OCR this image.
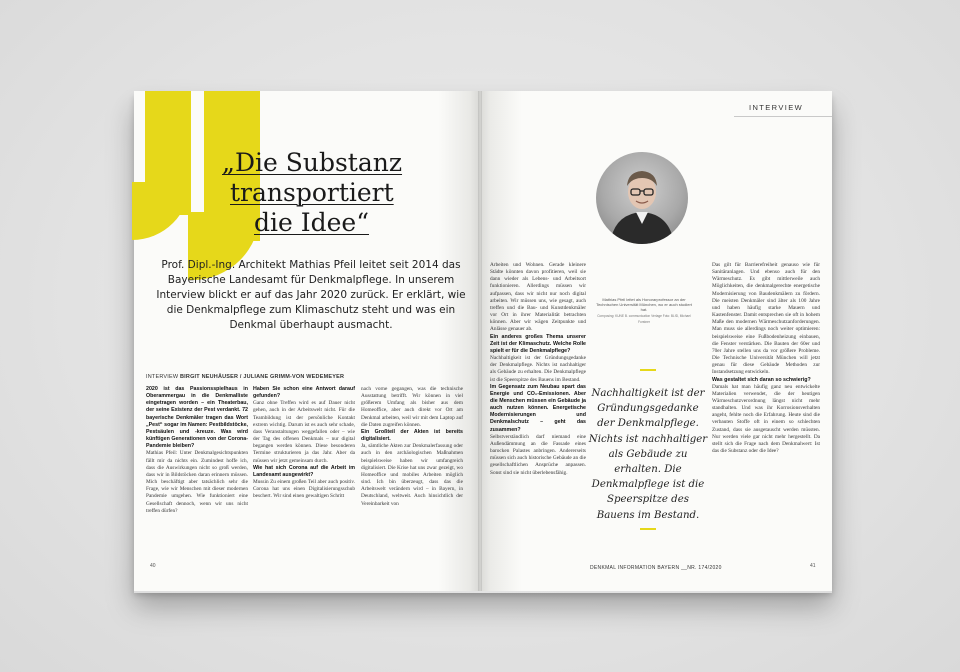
„Die Substanz
transportiert
die Idee“
Prof. Dipl.-Ing. Architekt Mathias Pfeil leitet seit 2014 das Bayerische Landesamt für Denkmalpflege. In unserem Interview blickt er auf das Jahr 2020 zurück. Er erklärt, wie die Denkmalpflege zum Klimaschutz steht und was ein Denkmal überhaupt ausmacht.
INTERVIEW BIRGIT NEUHÄUSER / JULIANE GRIMM-VON WEDEMEYER
2020 ist das Passionsspielhaus in Oberammergau in die Denkmalliste eingetragen worden – ein Theaterbau, der seine Existenz der Pest verdankt. 72 bayerische Denkmäler tragen das Wort „Pest“ sogar im Namen: Pestbildstöcke, Pestsäulen und -kreuze. Was wird künftigen Generationen von der Corona-Pandemie bleiben?
Mathias Pfeil: Unter Denkmalgesichtspunkten fällt mir da nichts ein. Zumindest hoffe ich, dass die Auswirkungen nicht so groß werden, dass wir in Bildstöcken daran erinnern müssen. Mich beschäftigt aber tatsächlich sehr die Frage, wie wir Menschen mit dieser modernen Pandemie umgehen. Wie funktioniert eine Gesellschaft dennoch, wenn wir uns nicht treffen dürfen?
Haben Sie schon eine Antwort darauf gefunden?
Ganz ohne Treffen wird es auf Dauer nicht gehen, auch in der Arbeitswelt nicht. Für die Teambildung ist der persönliche Kontakt extrem wichtig. Darum ist es auch sehr schade, dass Veranstaltungen weggefallen oder – wie der Tag des offenen Denkmals – nur digital begangen werden können. Diese besonderen Termine strukturieren ja das Jahr. Aber da müssen wir jetzt gemeinsam durch.
Wie hat sich Corona auf die Arbeit im Landesamt ausgewirkt?
Mussin Zu einem großen Teil aber auch positiv. Corona hat uns einen Digitalisierungsschub beschert. Wir sind einen gewaltigen Schritt
nach vorne gegangen, was die technische Ausstattung betrifft. Wir können in viel größerem Umfang als bisher aus dem Homeoffice, aber auch direkt vor Ort am Denkmal arbeiten, weil wir mit dem Laptop auf die Daten zugreifen können.
Ein Großteil der Akten ist bereits digitalisiert.
Ja, sämtliche Akten zur Denkmalerfassung oder auch in den archäologischen Maßnahmen beispielsweise haben wir umfangreich digitalisiert. Die Krise hat uns zwar gezeigt, wo Homeoffice und mobiles Arbeiten möglich sind. Ich bin überzeugt, dass das die Arbeitswelt verändern wird – in Bayern, in Deutschland, weltweit. Auch hinsichtlich der Vereinbarkeit von
40
INTERVIEW
Mathias Pfeil leitet als Honorarprofessor an der Technischen Universität München, wo er auch studiert hat.
Composing: KUNE B. communication Verlage Foto: BLfD, Michael Forstner
Arbeiten und Wohnen. Gerade kleinere Städte könnten davon profitieren, weil sie dann wieder als Lebens- und Arbeitsort funktionieren. Allerdings müssen wir aufpassen, dass wir nicht nur noch digital arbeiten. Wir müssen uns, wie gesagt, auch treffen und die Bau- und Kunstdenkmäler vor Ort in ihrer Materialität betrachten können. Aber wir wägen Zeitpunkte und Anlässe genauer ab.
Ein anderes großes Thema unserer Zeit ist der Klimaschutz. Welche Rolle spielt er für die Denkmalpflege?
Nachhaltigkeit ist der Gründungsgedanke der Denkmalpflege. Nichts ist nachhaltiger als Gebäude zu erhalten. Die Denkmalpflege ist die Speerspitze des Bauens im Bestand.
Im Gegensatz zum Neubau spart das Energie und CO₂-Emissionen. Aber die Menschen müssen ein Gebäude ja auch nutzen können. Energetische Modernisierungen und Denkmalschutz – geht das zusammen?
Selbstverständlich darf niemand eine Außendämmung an die Fassade eines barocken Palastes anbringen. Andererseits müssen sich auch historische Gebäude an die gesellschaftlichen Ansprüche anpassen. Sonst sind sie nicht überlebensfähig.
Nachhaltigkeit ist der Gründungsgedanke der Denkmalpflege. Nichts ist nachhaltiger als Gebäude zu erhalten. Die Denkmalpflege ist die Speerspitze des Bauens im Bestand.
Das gilt für Barrierefreiheit genauso wie für Sanitäranlagen. Und ebenso auch für den Wärmeschutz. Es gibt mittlerweile auch Möglichkeiten, die denkmalgerechte energetische Modernisierung von Baudenkmälern zu fördern. Die meisten Denkmäler sind älter als 100 Jahre und haben häufig starke Mauern und Kastenfenster. Damit entsprechen sie oft in hohem Maße den modernen Wärmeschutzanforderungen. Man muss sie allerdings noch weiter optimieren: beispielsweise eine Fußbodenheizung einbauen, die Fenster verstärken. Die Bauten der 60er und 70er Jahre stellen uns da vor größere Probleme. Die Technische Universität München will jetzt genau für diese Gebäude Methoden zur Instandsetzung entwickeln.
Was gestaltet sich daran so schwierig?
Damals hat man häufig ganz neu entwickelte Materialien verwendet, die der heutigen Wärmeschutzverordnung längst nicht mehr standhalten. Und was ihr Korrosionsverhalten angeht, fehlte noch die Erfahrung. Heute sind die verbauten Stoffe oft in einem so schlechten Zustand, dass sie ausgetauscht werden müssten. Nur werden viele gar nicht mehr hergestellt. Da stellt sich die Frage nach dem Denkmalwert: Ist das die Substanz oder die Idee?
DENKMAL INFORMATION BAYERN __NR. 174/2020	41
